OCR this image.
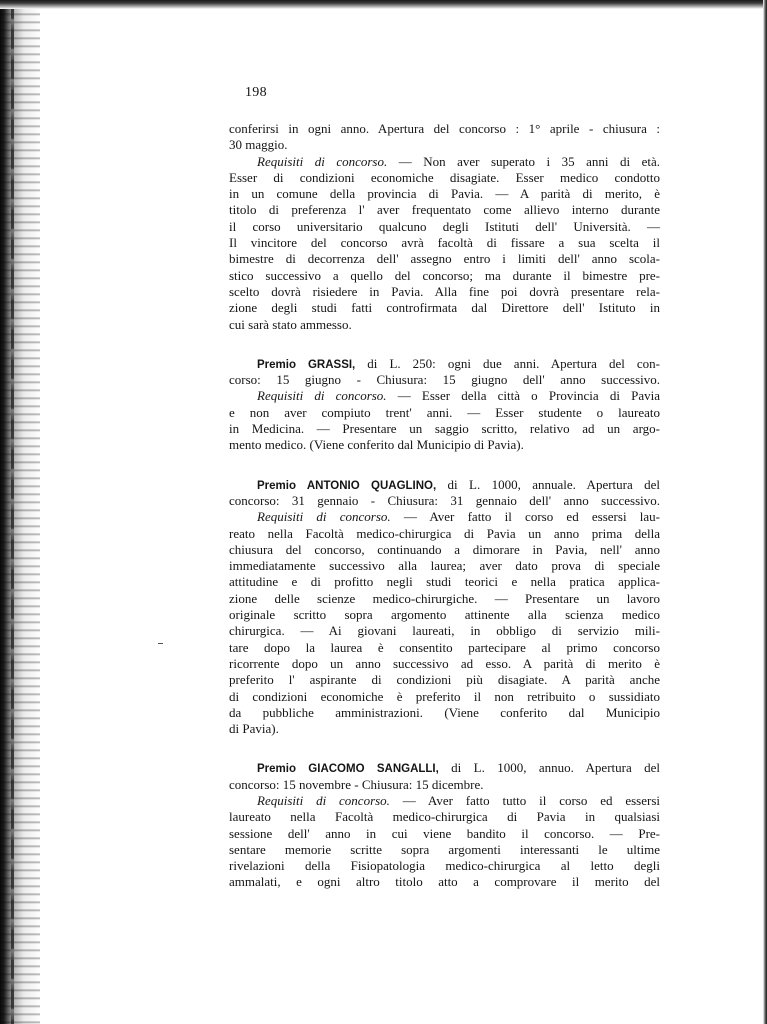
198
conferirsi in ogni anno. Apertura del concorso : 1° aprile - chiusura :
30 maggio.
Requisiti di concorso. — Non aver superato i 35 anni di età.
Esser di condizioni economiche disagiate. Esser medico condotto
in un comune della provincia di Pavia. — A parità di merito, è
titolo di preferenza l' aver frequentato come allievo interno durante
il corso universitario qualcuno degli Istituti dell' Università. —
Il vincitore del concorso avrà facoltà di fissare a sua scelta il
bimestre di decorrenza dell' assegno entro i limiti dell' anno scola-
stico successivo a quello del concorso; ma durante il bimestre pre-
scelto dovrà risiedere in Pavia. Alla fine poi dovrà presentare rela-
zione degli studi fatti controfirmata dal Direttore dell' Istituto in
cui sarà stato ammesso.
Premio GRASSI, di L. 250: ogni due anni. Apertura del con-
corso: 15 giugno - Chiusura: 15 giugno dell' anno successivo.
Requisiti di concorso. — Esser della città o Provincia di Pavia
e non aver compiuto trent' anni. — Esser studente o laureato
in Medicina. — Presentare un saggio scritto, relativo ad un argo-
mento medico. (Viene conferito dal Municipio di Pavia).
Premio ANTONIO QUAGLINO, di L. 1000, annuale. Apertura del
concorso: 31 gennaio - Chiusura: 31 gennaio dell' anno successivo.
Requisiti di concorso. — Aver fatto il corso ed essersi lau-
reato nella Facoltà medico-chirurgica di Pavia un anno prima della
chiusura del concorso, continuando a dimorare in Pavia, nell' anno
immediatamente successivo alla laurea; aver dato prova di speciale
attitudine e di profitto negli studi teorici e nella pratica applica-
zione delle scienze medico-chirurgiche. — Presentare un lavoro
originale scritto sopra argomento attinente alla scienza medico
chirurgica. — Ai giovani laureati, in obbligo di servizio mili-
tare dopo la laurea è consentito partecipare al primo concorso
ricorrente dopo un anno successivo ad esso. A parità di merito è
preferito l' aspirante di condizioni più disagiate. A parità anche
di condizioni economiche è preferito il non retribuito o sussidiato
da pubbliche amministrazioni. (Viene conferito dal Municipio
di Pavia).
Premio GIACOMO SANGALLI, di L. 1000, annuo. Apertura del
concorso: 15 novembre - Chiusura: 15 dicembre.
Requisiti di concorso. — Aver fatto tutto il corso ed essersi
laureato nella Facoltà medico-chirurgica di Pavia in qualsiasi
sessione dell' anno in cui viene bandito il concorso. — Pre-
sentare memorie scritte sopra argomenti interessanti le ultime
rivelazioni della Fisiopatologia medico-chirurgica al letto degli
ammalati, e ogni altro titolo atto a comprovare il merito del
